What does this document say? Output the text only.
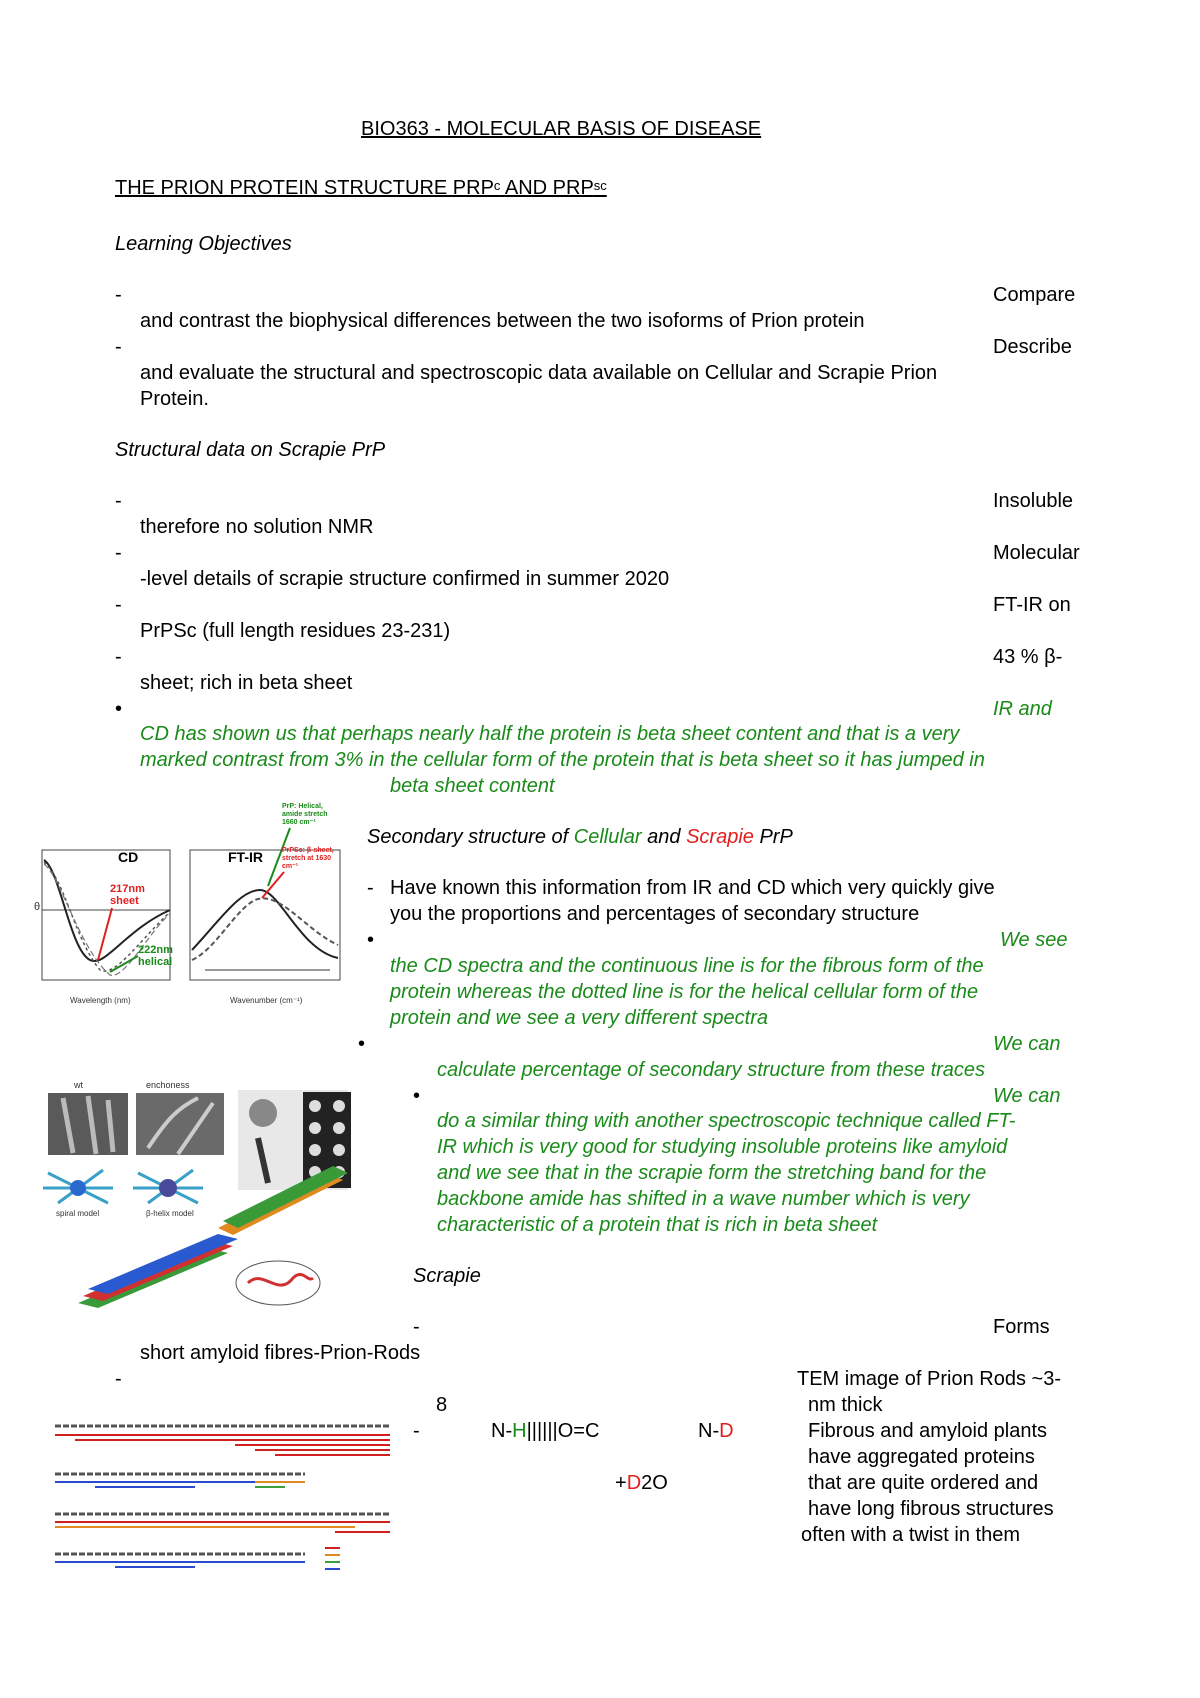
BIO363 - MOLECULAR BASIS OF DISEASE
THE PRION PROTEIN STRUCTURE PRP$^c$ AND $PRP^{sc}$
Learning Objectives
-	Compare
and contrast the biophysical differences between the two isoforms of Prion protein
-	Describe
and evaluate the structural and spectroscopic data available on Cellular and Scrapie Prion
Protein.
Structural data on Scrapie PrP
-	Insoluble
therefore no solution NMR
-	Molecular
-level details of scrapie structure confirmed in summer 2020
-	FT-IR on
PrPSc (full length residues 23-231)
-	43 % β-
sheet; rich in beta sheet
•	IR and
CD has shown us that perhaps nearly half the protein is beta sheet content and that is a very
marked contrast from 3% in the cellular form of the protein that is beta sheet so it has jumped in
beta sheet content
CD
θ
Wavelength (nm)
217nm
sheet
222nm
helical
FT-IR
Wavenumber (cm⁻¹)
PrP: Helical,
amide stretch
1660 cm⁻¹
PrPSc: β-sheet,
stretch at 1630
cm⁻¹
Secondary structure of Cellular and Scrapie PrP
- Have known this information from IR and CD which very quickly give
you the proportions and percentages of secondary structure
•	We see
the CD spectra and the continuous line is for the fibrous form of the
protein whereas the dotted line is for the helical cellular form of the
protein and we see a very different spectra
•	We can
calculate percentage of secondary structure from these traces
•	We can
do a similar thing with another spectroscopic technique called FT-
IR which is very good for studying insoluble proteins like amyloid
and we see that in the scrapie form the stretching band for the
backbone amide has shifted in a wave number which is very
characteristic of a protein that is rich in beta sheet
wt	enchoness
spiral model	β-helix model
Scrapie
-	Forms
short amyloid fibres-Prion-Rods
-
8
-	N-H||||||O=C	N-D
+D2O
TEM image of Prion Rods ~3-
nm thick
Fibrous and amyloid plants
have aggregated proteins
that are quite ordered and
have long fibrous structures
often with a twist in them
